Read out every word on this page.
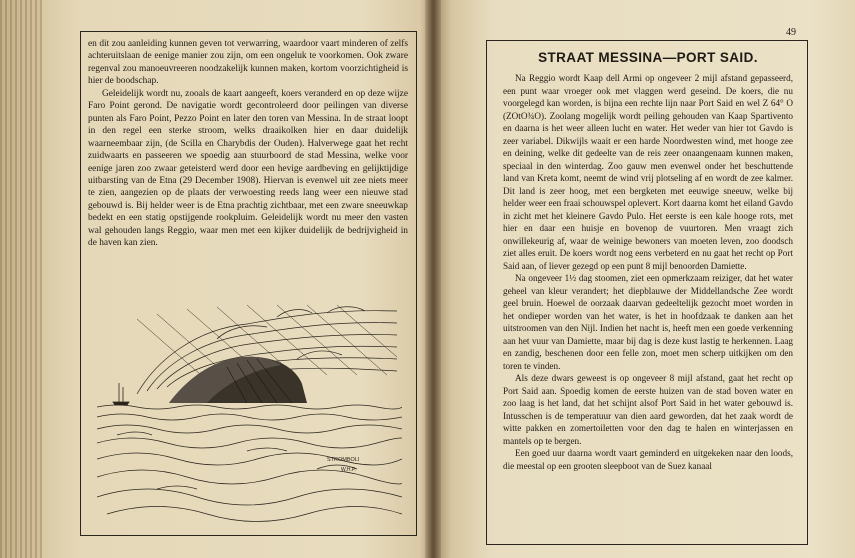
en dit zou aanleiding kunnen geven tot verwarring, waardoor vaart minderen of zelfs achteruitslaan de eenige manier zou zijn, om een ongeluk te voorkomen. Ook zware regenval zou manoeuvreeren noodzakelijk kunnen maken, kortom voorzichtigheid is hier de boodschap.

Geleidelijk wordt nu, zooals de kaart aangeeft, koers veranderd en op deze wijze Faro Point gerond. De navigatie wordt gecontroleerd door peilingen van diverse punten als Faro Point, Pezzo Point en later den toren van Messina. In de straat loopt in den regel een sterke stroom, welks draaikolken hier en daar duidelijk waarneembaar zijn, (de Scilla en Charybdis der Ouden). Halverwege gaat het recht zuidwaarts en passeeren we spoedig aan stuurboord de stad Messina, welke voor eenige jaren zoo zwaar geteisterd werd door een hevige aardbeving en gelijktijdige uitbarsting van de Etna (29 December 1908). Hiervan is evenwel uit zee niets meer te zien, aangezien op de plaats der verwoesting reeds lang weer een nieuwe stad gebouwd is. Bij helder weer is de Etna prachtig zichtbaar, met een zware sneeuwkap bedekt en een statig opstijgende rookpluim. Geleidelijk wordt nu meer den vasten wal gehouden langs Reggio, waar men met een kijker duidelijk de bedrijvigheid in de haven kan zien.

STROMBOLI
W.H.P.
49
STRAAT MESSINA—PORT SAID.

Na Reggio wordt Kaap dell Armi op ongeveer 2 mijl afstand gepasseerd, een punt waar vroeger ook met vlaggen werd geseind. De koers, die nu voorgelegd kan worden, is bijna een rechte lijn naar Port Said en wel Z 64° O (ZOtO¾O). Zoolang mogelijk wordt peiling gehouden van Kaap Spartivento en daarna is het weer alleen lucht en water. Het weder van hier tot Gavdo is zeer variabel. Dikwijls waait er een harde Noordwesten wind, met hooge zee en deining, welke dit gedeelte van de reis zeer onaangenaam kunnen maken, speciaal in den winterdag. Zoo gauw men evenwel onder het beschuttende land van Kreta komt, neemt de wind vrij plotseling af en wordt de zee kalmer. Dit land is zeer hoog, met een bergketen met eeuwige sneeuw, welke bij helder weer een fraai schouwspel oplevert. Kort daarna komt het eiland Gavdo in zicht met het kleinere Gavdo Pulo. Het eerste is een kale hooge rots, met hier en daar een huisje en bovenop de vuurtoren. Men vraagt zich onwillekeurig af, waar de weinige bewoners van moeten leven, zoo doodsch ziet alles eruit. De koers wordt nog eens verbeterd en nu gaat het recht op Port Said aan, of liever gezegd op een punt 8 mijl benoorden Damiette.

Na ongeveer 1½ dag stoomen, ziet een opmerkzaam reiziger, dat het water geheel van kleur verandert; het diepblauwe der Middellandsche Zee wordt geel bruin. Hoewel de oorzaak daarvan gedeeltelijk gezocht moet worden in het ondieper worden van het water, is het in hoofdzaak te danken aan het uitstroomen van den Nijl. Indien het nacht is, heeft men een goede verkenning aan het vuur van Damiette, maar bij dag is deze kust lastig te herkennen. Laag en zandig, beschenen door een felle zon, moet men scherp uitkijken om den toren te vinden.

Als deze dwars geweest is op ongeveer 8 mijl afstand, gaat het recht op Port Said aan. Spoedig komen de eerste huizen van de stad boven water en zoo laag is het land, dat het schijnt alsof Port Said in het water gebouwd is. Intusschen is de temperatuur van dien aard geworden, dat het zaak wordt de witte pakken en zomertoiletten voor den dag te halen en winterjassen en mantels op te bergen.

Een goed uur daarna wordt vaart geminderd en uitgekeken naar den loods, die meestal op een grooten sleepboot van de Suez kanaal
